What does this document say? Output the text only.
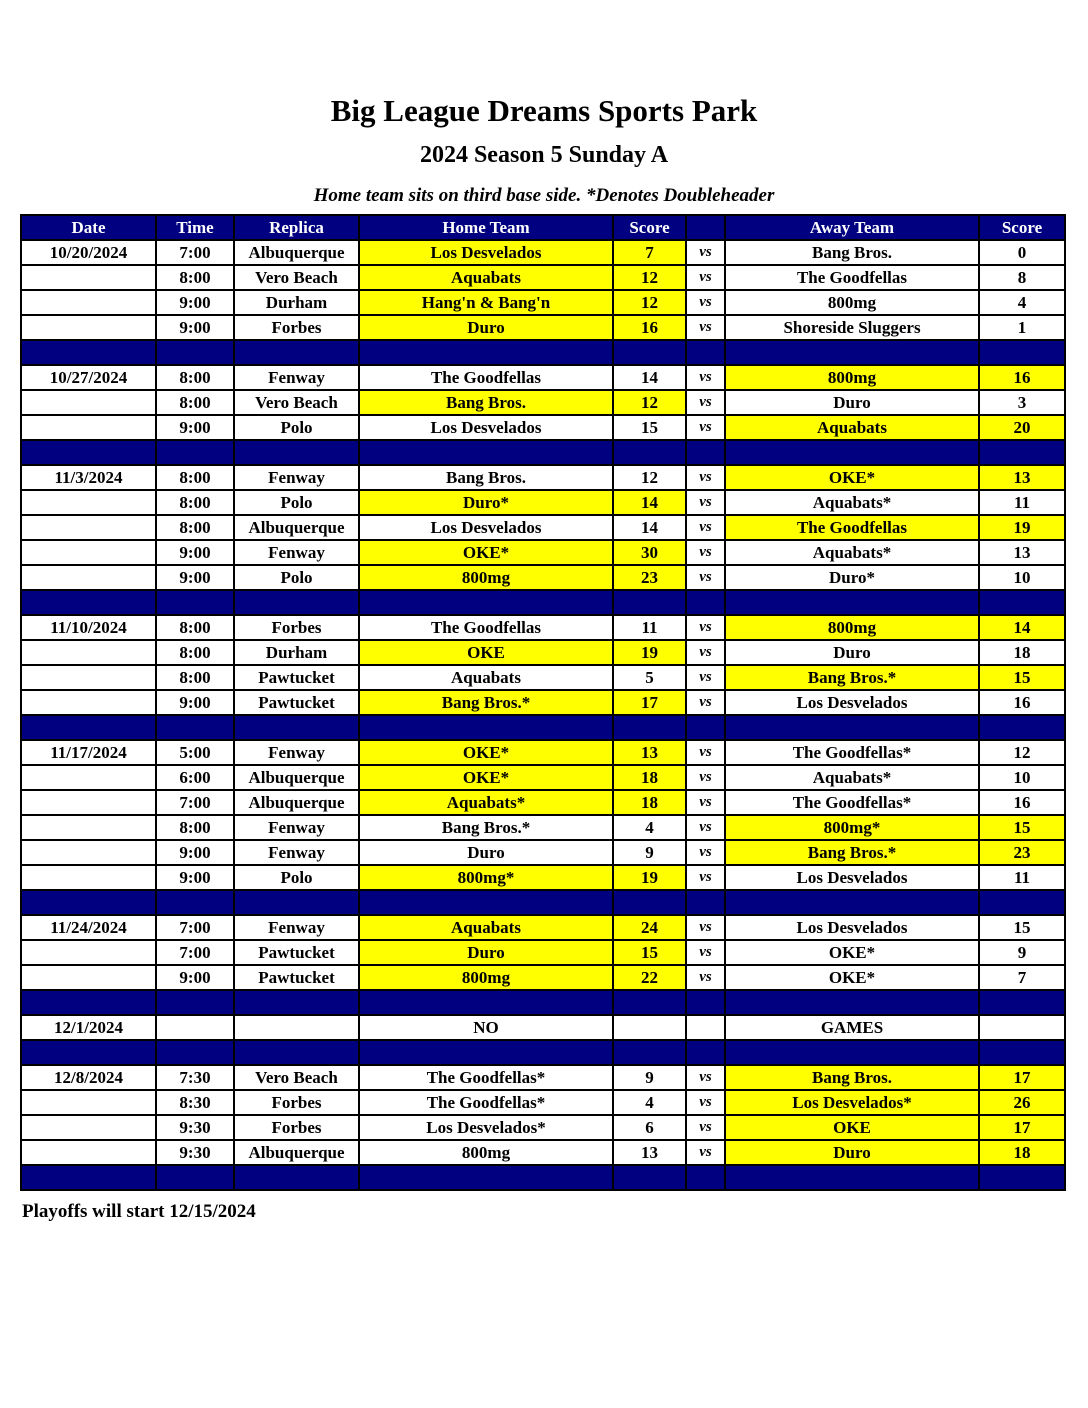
Big League Dreams Sports Park
2024 Season 5 Sunday A
Home team sits on third base side. *Denotes Doubleheader
Date	Time	Replica	Home Team	Score		Away Team	Score
10/20/2024	7:00	Albuquerque	Los Desvelados	7	vs	Bang Bros.	0
	8:00	Vero Beach	Aquabats	12	vs	The Goodfellas	8
	9:00	Durham	Hang'n & Bang'n	12	vs	800mg	4
	9:00	Forbes	Duro	16	vs	Shoreside Sluggers	1

10/27/2024	8:00	Fenway	The Goodfellas	14	vs	800mg	16
	8:00	Vero Beach	Bang Bros.	12	vs	Duro	3
	9:00	Polo	Los Desvelados	15	vs	Aquabats	20

11/3/2024	8:00	Fenway	Bang Bros.	12	vs	OKE*	13
	8:00	Polo	Duro*	14	vs	Aquabats*	11
	8:00	Albuquerque	Los Desvelados	14	vs	The Goodfellas	19
	9:00	Fenway	OKE*	30	vs	Aquabats*	13
	9:00	Polo	800mg	23	vs	Duro*	10

11/10/2024	8:00	Forbes	The Goodfellas	11	vs	800mg	14
	8:00	Durham	OKE	19	vs	Duro	18
	8:00	Pawtucket	Aquabats	5	vs	Bang Bros.*	15
	9:00	Pawtucket	Bang Bros.*	17	vs	Los Desvelados	16

11/17/2024	5:00	Fenway	OKE*	13	vs	The Goodfellas*	12
	6:00	Albuquerque	OKE*	18	vs	Aquabats*	10
	7:00	Albuquerque	Aquabats*	18	vs	The Goodfellas*	16
	8:00	Fenway	Bang Bros.*	4	vs	800mg*	15
	9:00	Fenway	Duro	9	vs	Bang Bros.*	23
	9:00	Polo	800mg*	19	vs	Los Desvelados	11

11/24/2024	7:00	Fenway	Aquabats	24	vs	Los Desvelados	15
	7:00	Pawtucket	Duro	15	vs	OKE*	9
	9:00	Pawtucket	800mg	22	vs	OKE*	7

12/1/2024			NO			GAMES	

12/8/2024	7:30	Vero Beach	The Goodfellas*	9	vs	Bang Bros.	17
	8:30	Forbes	The Goodfellas*	4	vs	Los Desvelados*	26
	9:30	Forbes	Los Desvelados*	6	vs	OKE	17
	9:30	Albuquerque	800mg	13	vs	Duro	18

Playoffs will start 12/15/2024
